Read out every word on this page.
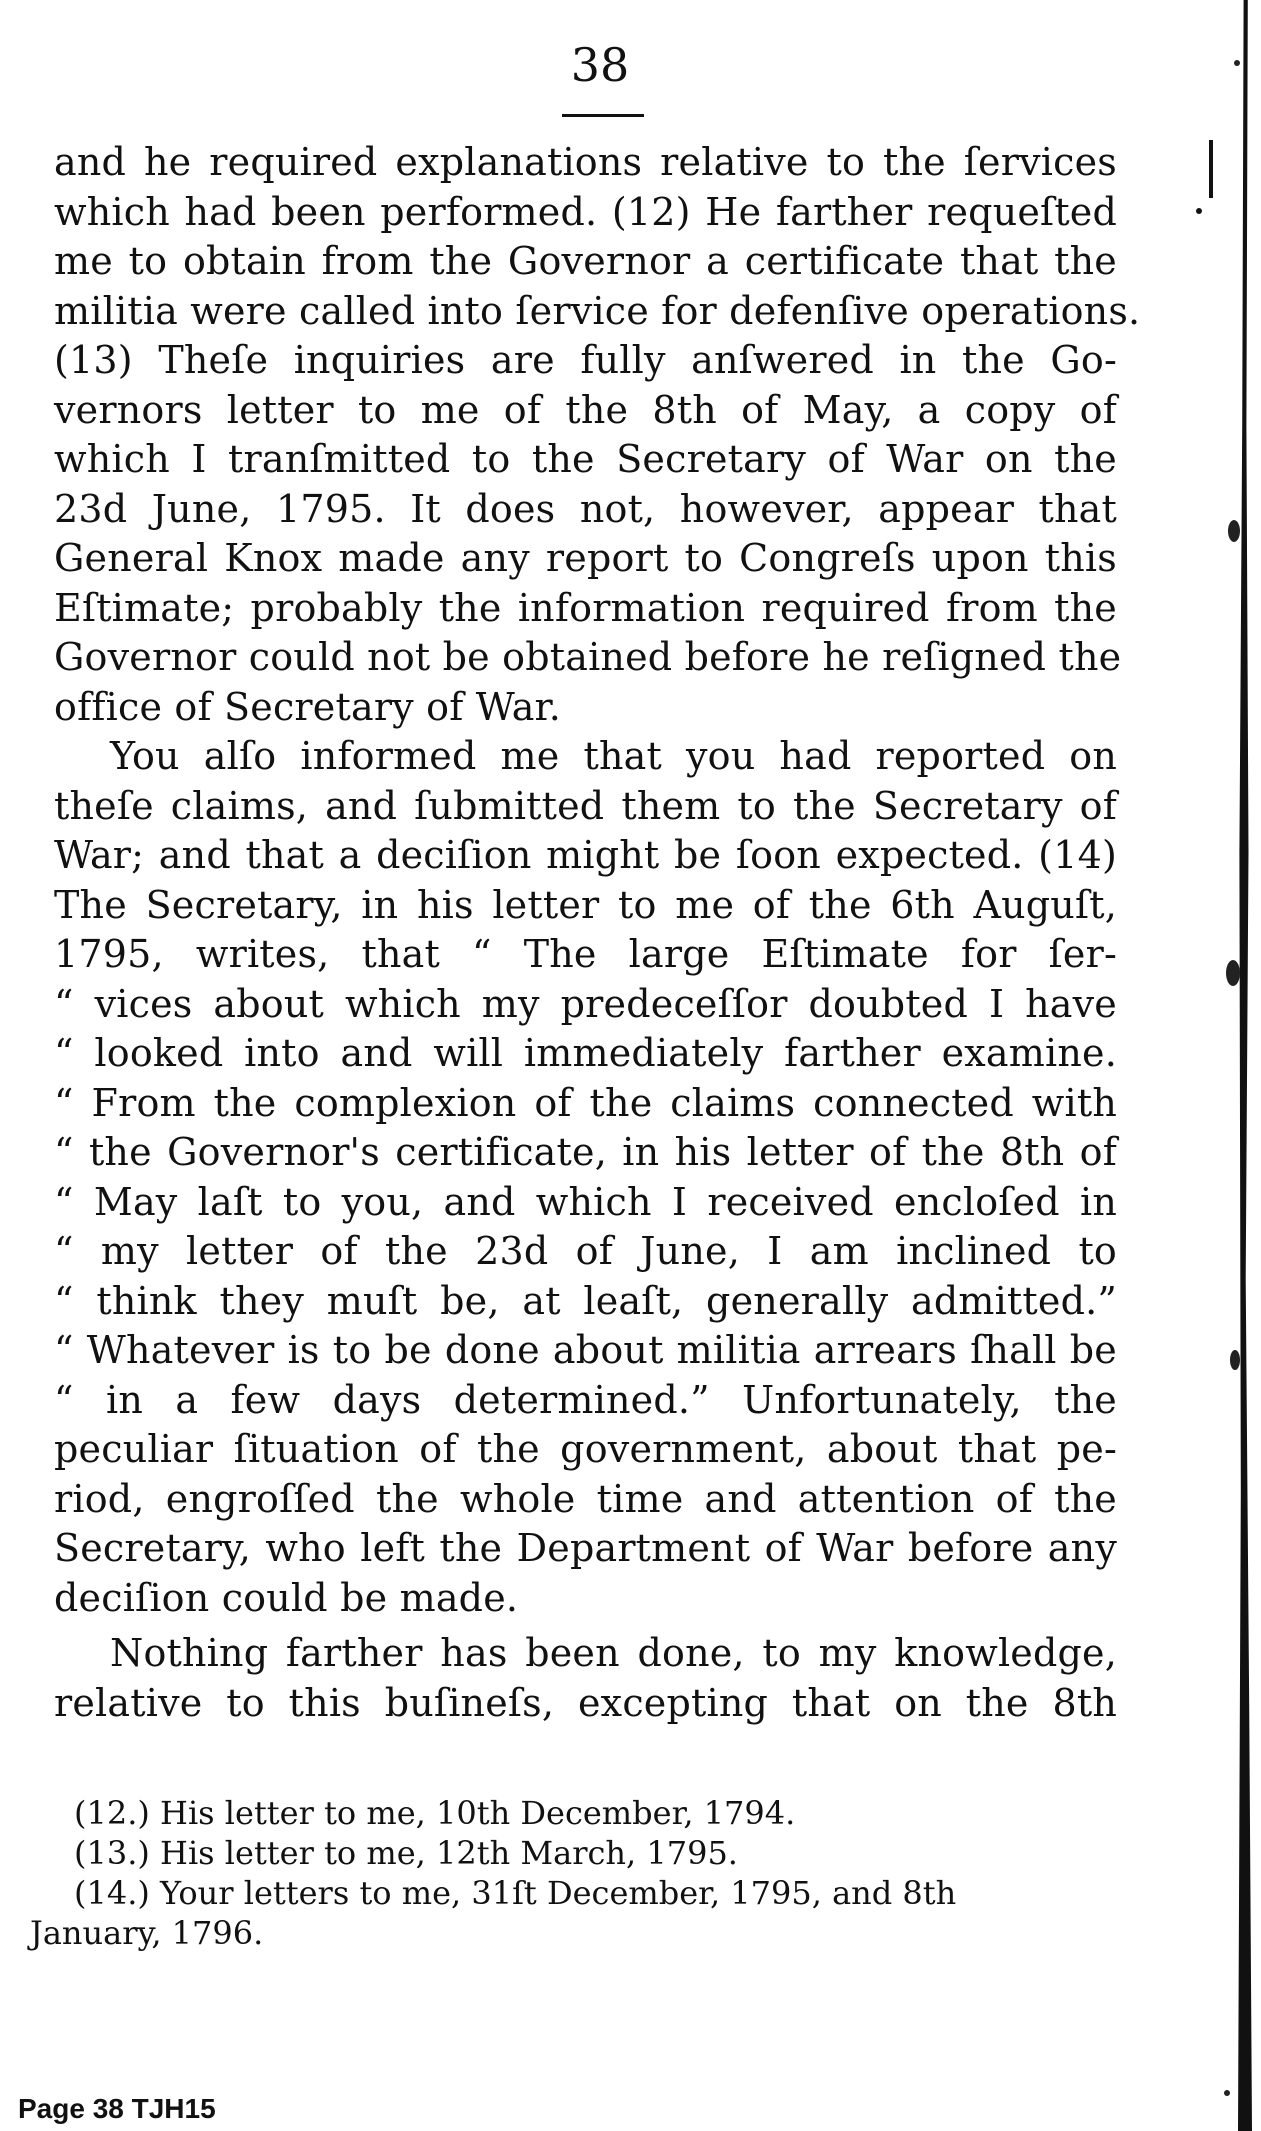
38
and he required explanations relative to the ſervices
which had been performed. (12) He farther requeſted
me to obtain from the Governor a certificate that the
militia were called into ſervice for defenſive operations.
(13) Theſe inquiries are fully anſwered in the Go-
vernors letter to me of the 8th of May, a copy of
which I tranſmitted to the Secretary of War on the
23d June, 1795. It does not, however, appear that
General Knox made any report to Congreſs upon this
Eſtimate; probably the information required from the
Governor could not be obtained before he reſigned the
office of Secretary of War.
You alſo informed me that you had reported on
theſe claims, and ſubmitted them to the Secretary of
War; and that a deciſion might be ſoon expected. (14)
The Secretary, in his letter to me of the 6th Auguſt,
1795, writes, that “ The large Eſtimate for ſer-
“ vices about which my predeceſſor doubted I have
“ looked into and will immediately farther examine.
“ From the complexion of the claims connected with
“ the Governor's certificate, in his letter of the 8th of
“ May laſt to you, and which I received encloſed in
“ my letter of the 23d of June, I am inclined to
“ think they muſt be, at leaſt, generally admitted.”
“ Whatever is to be done about militia arrears ſhall be
“ in a few days determined.” Unfortunately, the
peculiar ſituation of the government, about that pe-
riod, engroſſed the whole time and attention of the
Secretary, who left the Department of War before any
deciſion could be made.
Nothing farther has been done, to my knowledge,
relative to this buſineſs, excepting that on the 8th
(12.) His letter to me, 10th December, 1794.
(13.) His letter to me, 12th March, 1795.
(14.) Your letters to me, 31ſt December, 1795, and 8th
January, 1796.
Page 38 TJH15
